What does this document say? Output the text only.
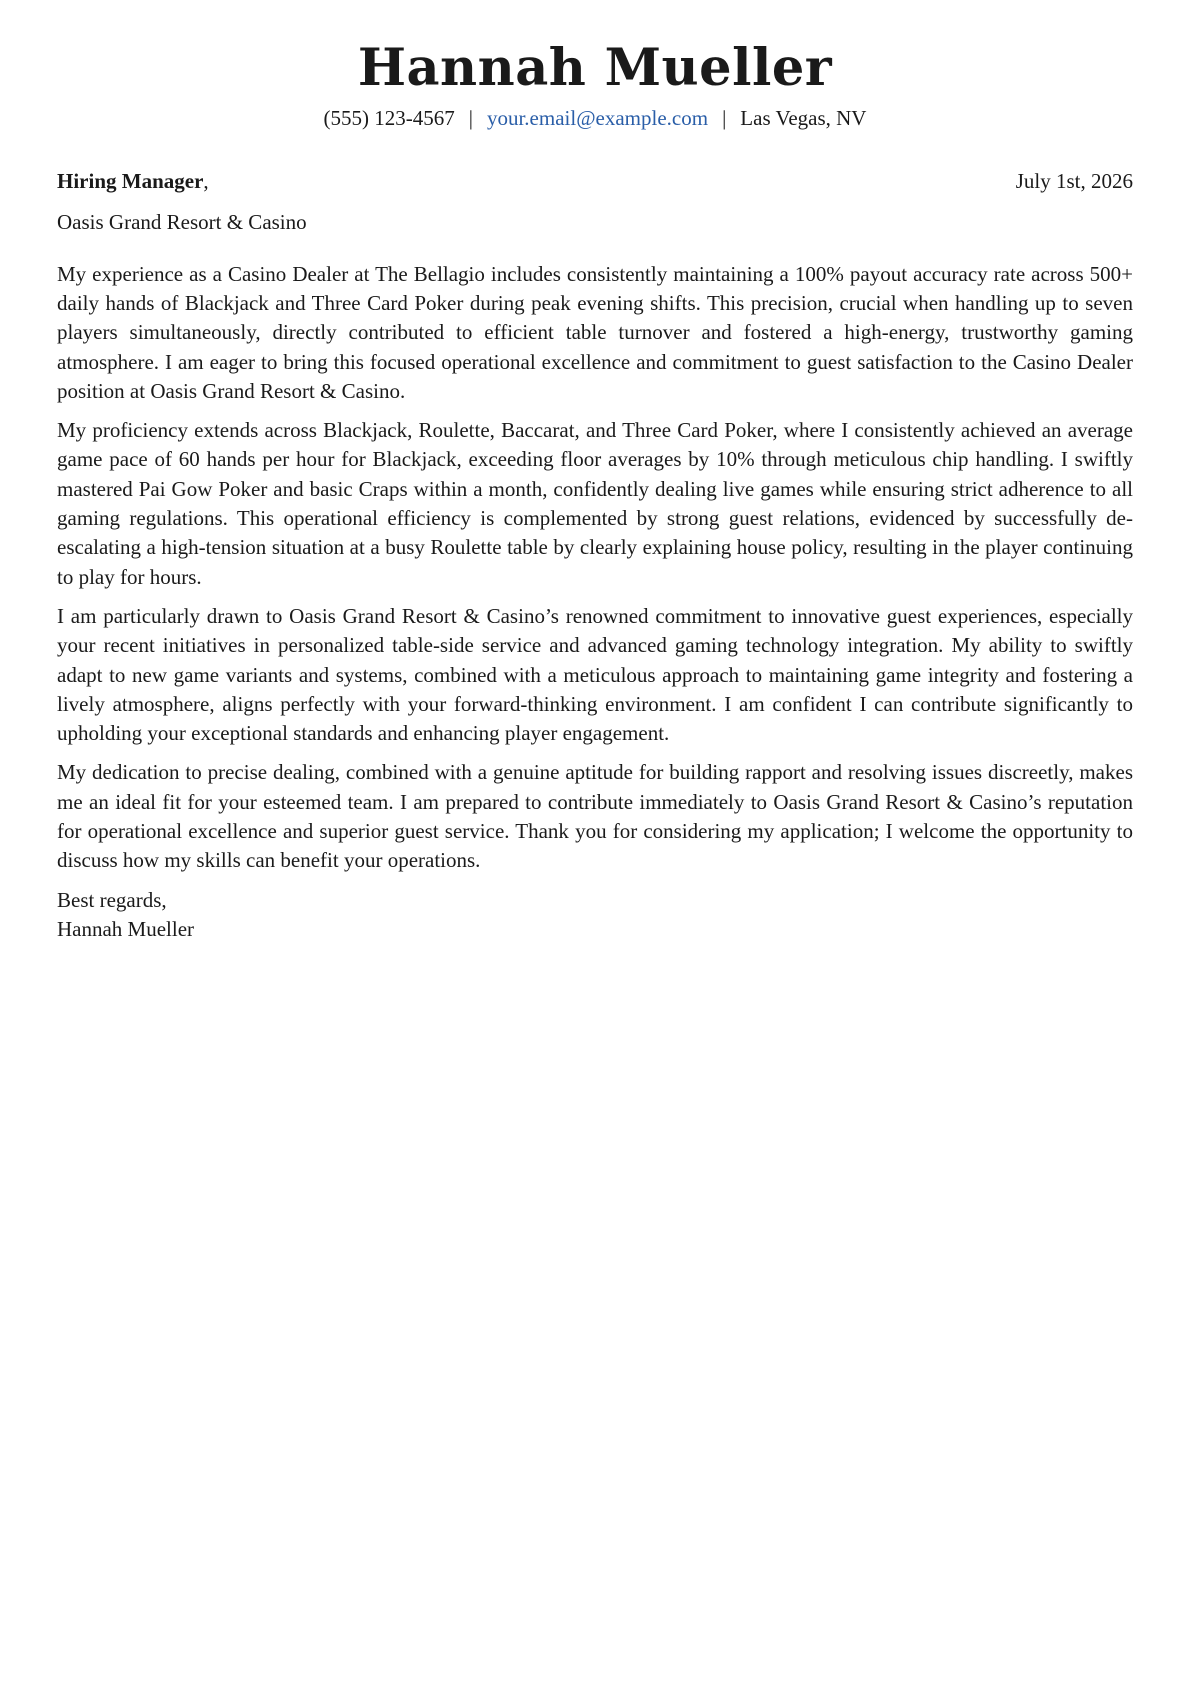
Hannah Mueller
(555) 123-4567 | your.email@example.com | Las Vegas, NV
Hiring Manager,	July 1st, 2026
Oasis Grand Resort & Casino

My experience as a Casino Dealer at The Bellagio includes consistently maintaining a 100% payout accuracy rate across 500+ daily hands of Blackjack and Three Card Poker during peak evening shifts. This precision, crucial when handling up to seven players simultaneously, directly contributed to efficient table turnover and fostered a high-energy, trustworthy gaming atmosphere. I am eager to bring this focused operational excellence and commitment to guest satisfaction to the Casino Dealer position at Oasis Grand Resort & Casino.

My proficiency extends across Blackjack, Roulette, Baccarat, and Three Card Poker, where I consistently achieved an average game pace of 60 hands per hour for Blackjack, exceeding floor averages by 10% through meticulous chip handling. I swiftly mastered Pai Gow Poker and basic Craps within a month, confidently dealing live games while ensuring strict adherence to all gaming regulations. This operational efficiency is complemented by strong guest relations, evidenced by successfully de-escalating a high-tension situation at a busy Roulette table by clearly explaining house policy, resulting in the player continuing to play for hours.

I am particularly drawn to Oasis Grand Resort & Casino’s renowned commitment to innovative guest experiences, especially your recent initiatives in personalized table-side service and advanced gaming technology integration. My ability to swiftly adapt to new game variants and systems, combined with a meticulous approach to maintaining game integrity and fostering a lively atmosphere, aligns perfectly with your forward-thinking environment. I am confident I can contribute significantly to upholding your exceptional standards and enhancing player engagement.

My dedication to precise dealing, combined with a genuine aptitude for building rapport and resolving issues discreetly, makes me an ideal fit for your esteemed team. I am prepared to contribute immediately to Oasis Grand Resort & Casino’s reputation for operational excellence and superior guest service. Thank you for considering my application; I welcome the opportunity to discuss how my skills can benefit your operations.

Best regards,
Hannah Mueller
